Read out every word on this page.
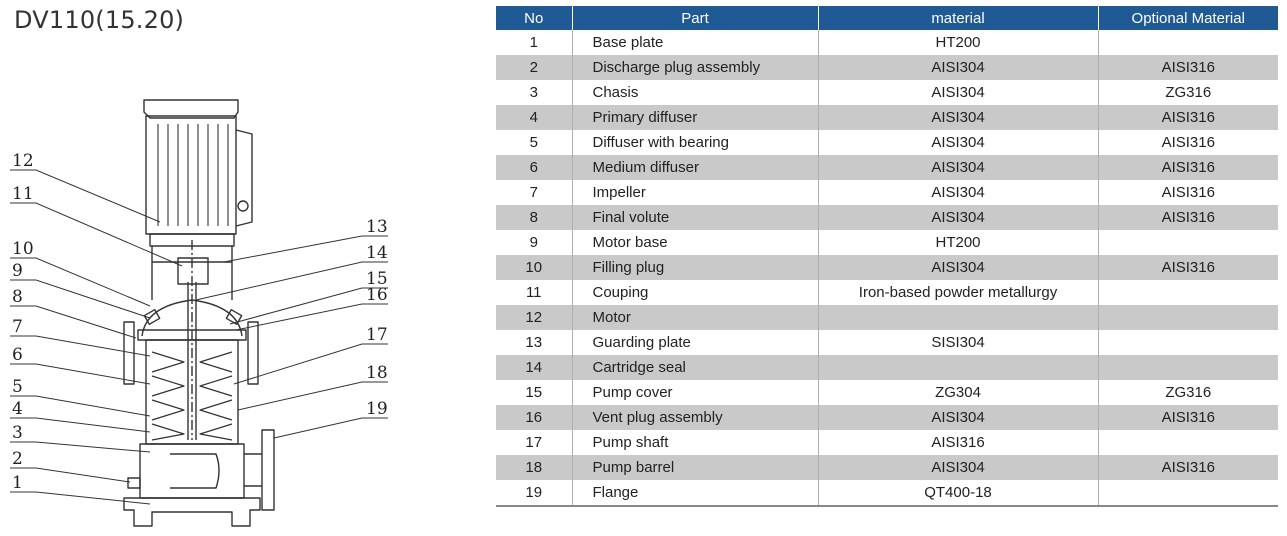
DV110(15.20)
12
11
10
9
8
7
6
5
4
3
2
1
13
14
15
16
17
18
19
No	Part	material	Optional Material
1	Base plate	HT200	
2	Discharge plug assembly	AISI304	AISI316
3	Chasis	AISI304	ZG316
4	Primary diffuser	AISI304	AISI316
5	Diffuser with bearing	AISI304	AISI316
6	Medium diffuser	AISI304	AISI316
7	Impeller	AISI304	AISI316
8	Final volute	AISI304	AISI316
9	Motor base	HT200	
10	Filling plug	AISI304	AISI316
11	Couping	Iron-based powder metallurgy	
12	Motor		
13	Guarding plate	SISI304	
14	Cartridge seal		
15	Pump cover	ZG304	ZG316
16	Vent plug assembly	AISI304	AISI316
17	Pump shaft	AISI316	
18	Pump barrel	AISI304	AISI316
19	Flange	QT400-18	
